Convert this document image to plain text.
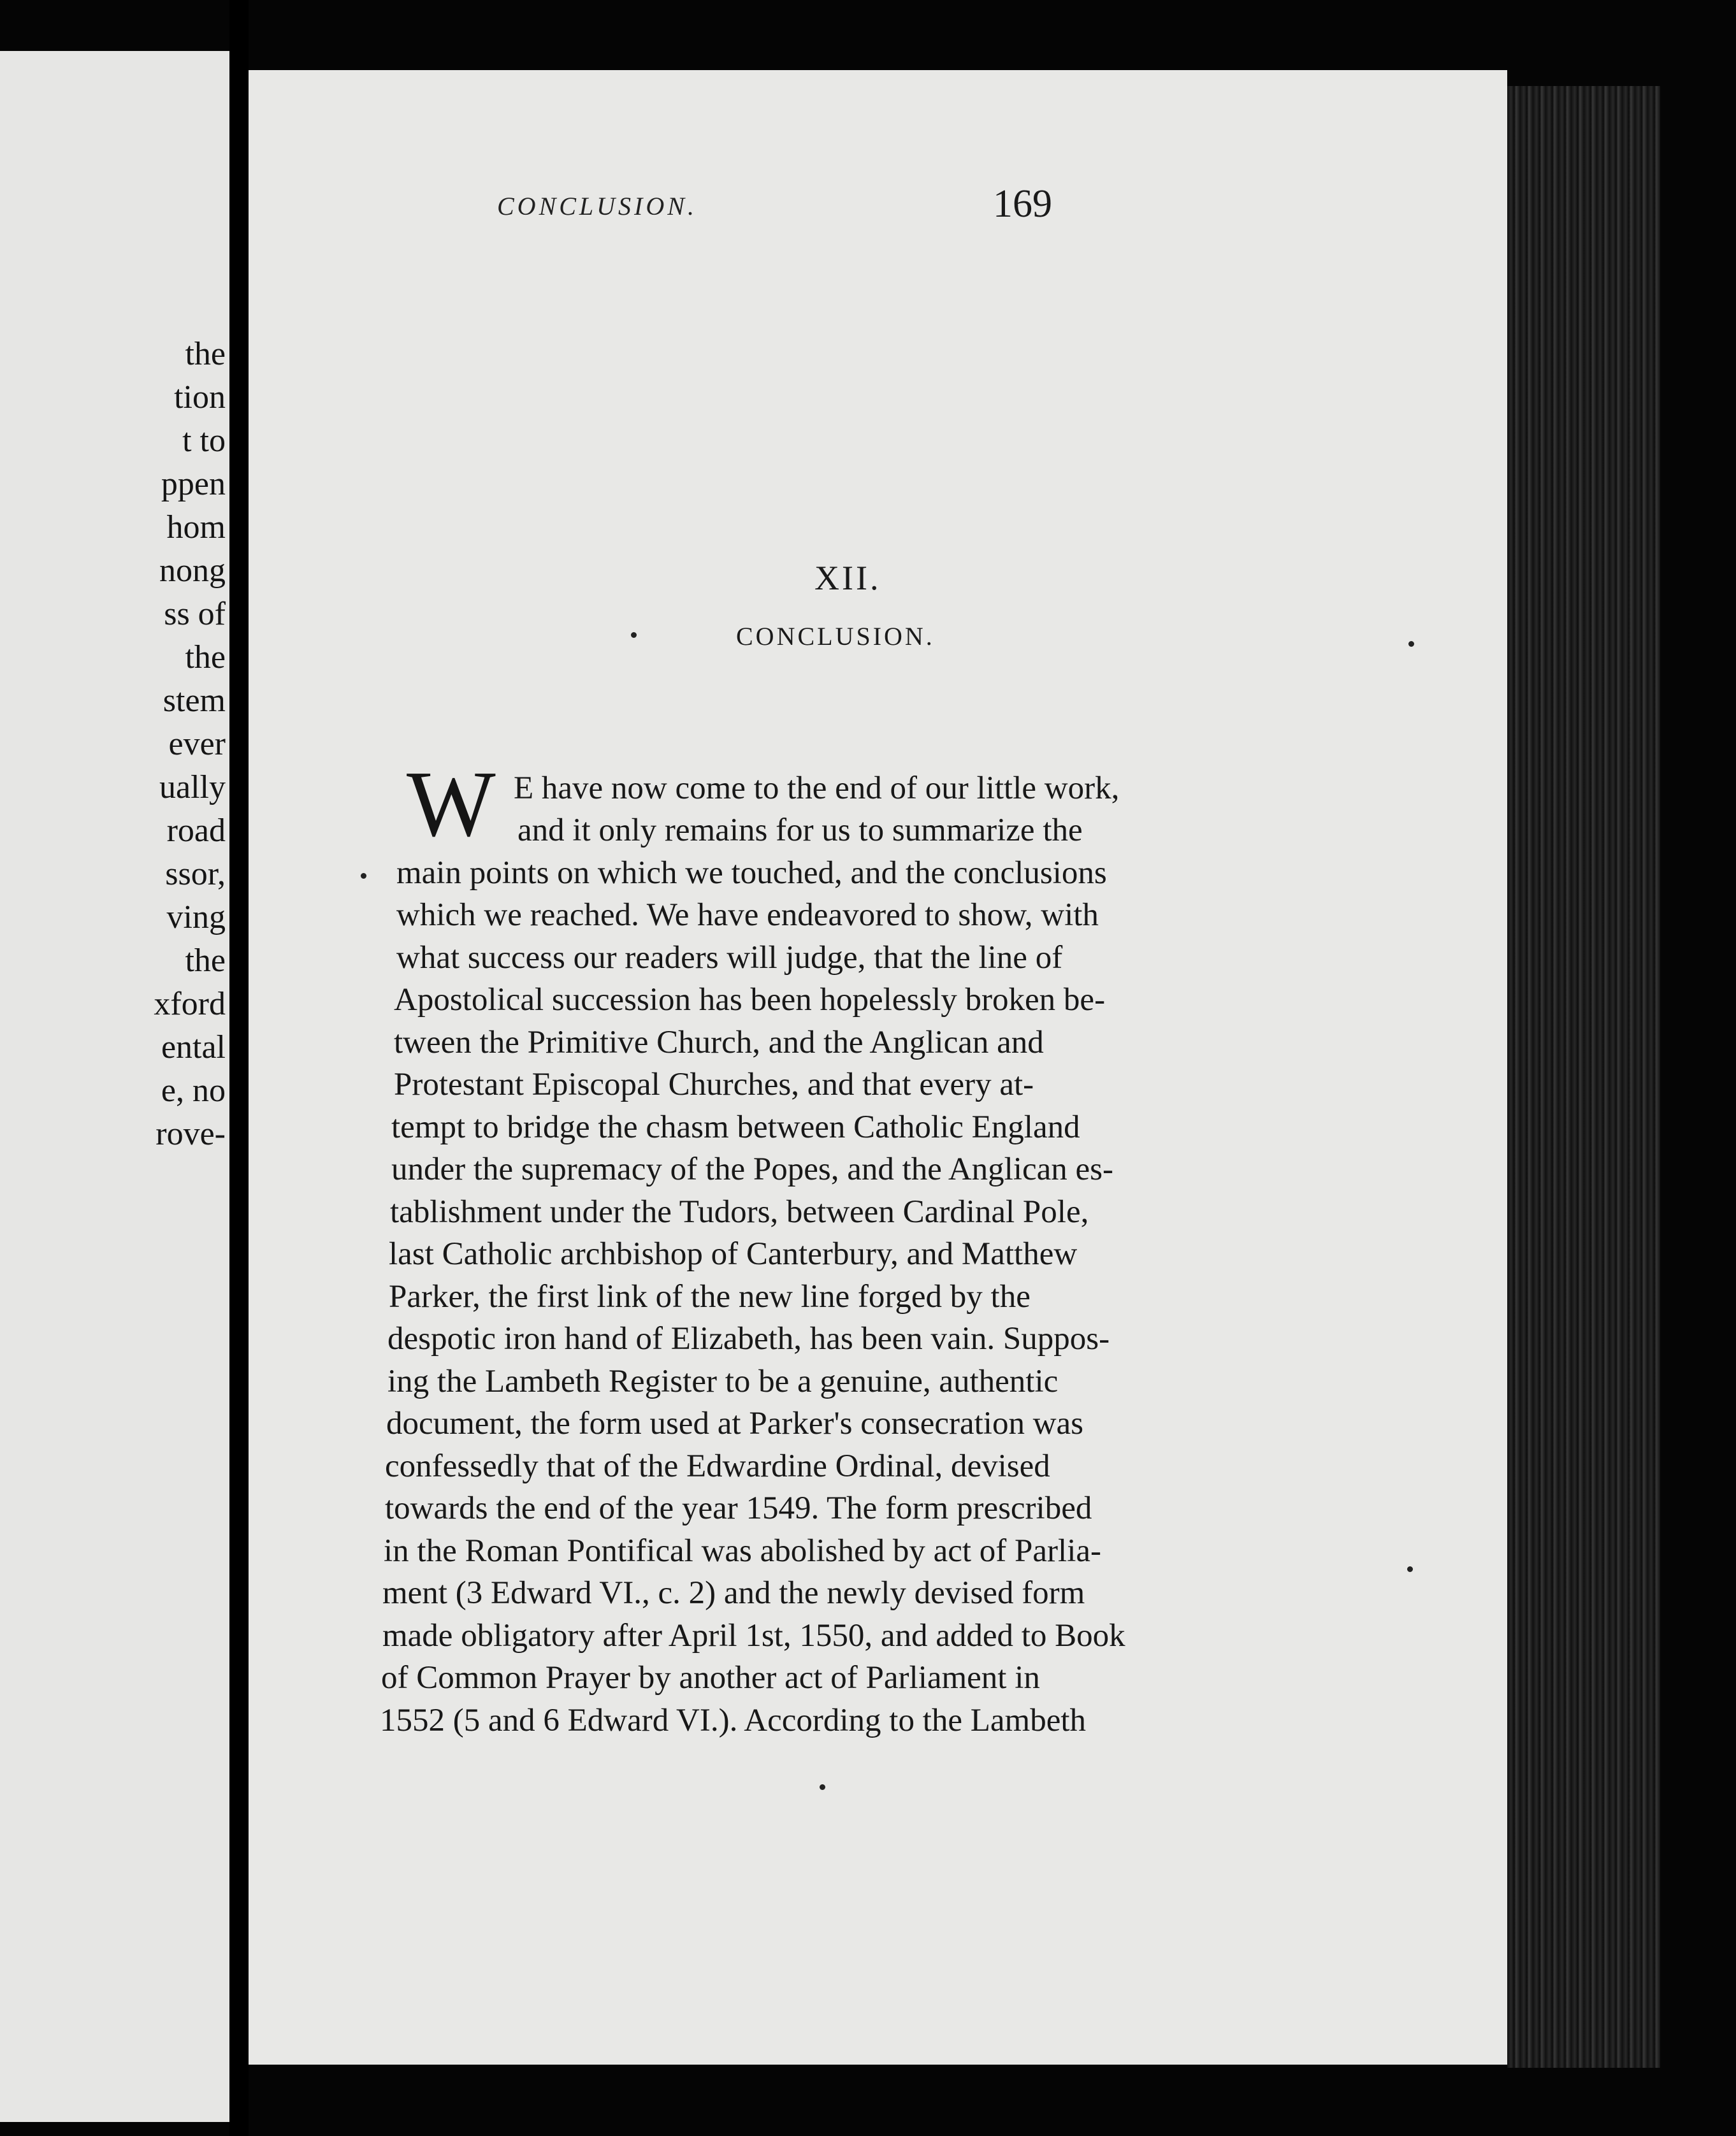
the
tion
t to
ppen
hom
nong
ss of
the
stem
ever
ually
road
ssor,
ving
the
xford
ental
e, no
rove-
CONCLUSION.	169
XII.
CONCLUSION.
W E have now come to the end of our little work,
and it only remains for us to summarize the
main points on which we touched, and the conclusions
which we reached. We have endeavored to show, with
what success our readers will judge, that the line of
Apostolical succession has been hopelessly broken be-
tween the Primitive Church, and the Anglican and
Protestant Episcopal Churches, and that every at-
tempt to bridge the chasm between Catholic England
under the supremacy of the Popes, and the Anglican es-
tablishment under the Tudors, between Cardinal Pole,
last Catholic archbishop of Canterbury, and Matthew
Parker, the first link of the new line forged by the
despotic iron hand of Elizabeth, has been vain. Suppos-
ing the Lambeth Register to be a genuine, authentic
document, the form used at Parker's consecration was
confessedly that of the Edwardine Ordinal, devised
towards the end of the year 1549. The form prescribed
in the Roman Pontifical was abolished by act of Parlia-
ment (3 Edward VI., c. 2) and the newly devised form
made obligatory after April 1st, 1550, and added to Book
of Common Prayer by another act of Parliament in
1552 (5 and 6 Edward VI.). According to the Lambeth
